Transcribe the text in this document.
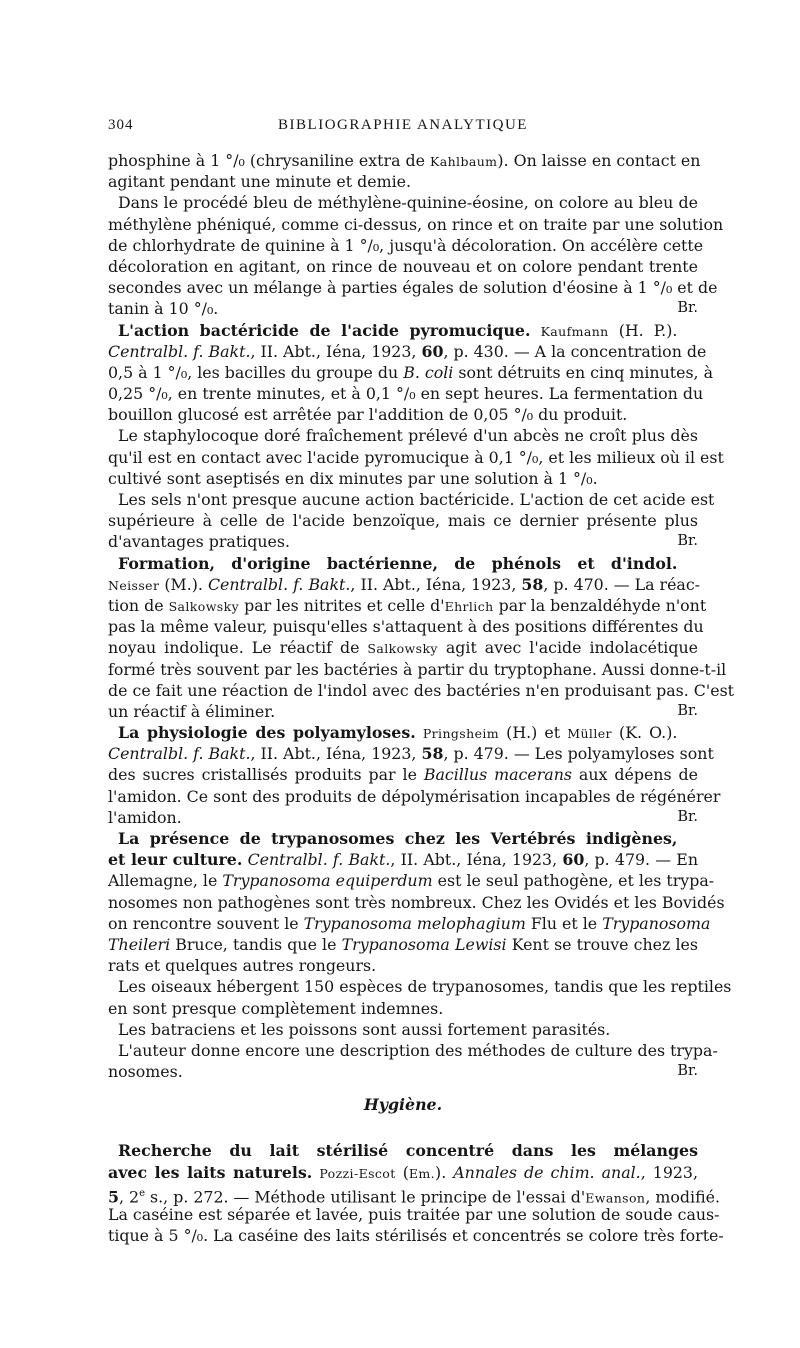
304	BIBLIOGRAPHIE ANALYTIQUE

phosphine à 1 °/₀ (chrysaniline extra de Kahlbaum). On laisse en contact en

agitant pendant une minute et demie.

Dans le procédé bleu de méthylène-quinine-éosine, on colore au bleu de

méthylène phéniqué, comme ci-dessus, on rince et on traite par une solution

de chlorhydrate de quinine à 1 °/₀, jusqu'à décoloration. On accélère cette

décoloration en agitant, on rince de nouveau et on colore pendant trente

secondes avec un mélange à parties égales de solution d'éosine à 1 °/₀ et de

tanin à 10 °/₀.	Br.

L'action bactéricide de l'acide pyromucique. Kaufmann (H. P.).

Centralbl. f. Bakt., II. Abt., Iéna, 1923, 60, p. 430. — A la concentration de

0,5 à 1 °/₀, les bacilles du groupe du B. coli sont détruits en cinq minutes, à

0,25 °/₀, en trente minutes, et à 0,1 °/₀ en sept heures. La fermentation du

bouillon glucosé est arrêtée par l'addition de 0,05 °/₀ du produit.

Le staphylocoque doré fraîchement prélevé d'un abcès ne croît plus dès

qu'il est en contact avec l'acide pyromucique à 0,1 °/₀, et les milieux où il est

cultivé sont aseptisés en dix minutes par une solution à 1 °/₀.

Les sels n'ont presque aucune action bactéricide. L'action de cet acide est

supérieure à celle de l'acide benzoïque, mais ce dernier présente plus

d'avantages pratiques.	Br.

Formation, d'origine bactérienne, de phénols et d'indol.

Neisser (M.). Centralbl. f. Bakt., II. Abt., Iéna, 1923, 58, p. 470. — La réac-

tion de Salkowsky par les nitrites et celle d'Ehrlich par la benzaldéhyde n'ont

pas la même valeur, puisqu'elles s'attaquent à des positions différentes du

noyau indolique. Le réactif de Salkowsky agit avec l'acide indolacétique

formé très souvent par les bactéries à partir du tryptophane. Aussi donne-t-il

de ce fait une réaction de l'indol avec des bactéries n'en produisant pas. C'est

un réactif à éliminer.	Br.

La physiologie des polyamyloses. Pringsheim (H.) et Müller (K. O.).

Centralbl. f. Bakt., II. Abt., Iéna, 1923, 58, p. 479. — Les polyamyloses sont

des sucres cristallisés produits par le Bacillus macerans aux dépens de

l'amidon. Ce sont des produits de dépolymérisation incapables de régénérer

l'amidon.	Br.

La présence de trypanosomes chez les Vertébrés indigènes,

et leur culture. Centralbl. f. Bakt., II. Abt., Iéna, 1923, 60, p. 479. — En

Allemagne, le Trypanosoma equiperdum est le seul pathogène, et les trypa-

nosomes non pathogènes sont très nombreux. Chez les Ovidés et les Bovidés

on rencontre souvent le Trypanosoma melophagium Flu et le Trypanosoma

Theileri Bruce, tandis que le Trypanosoma Lewisi Kent se trouve chez les

rats et quelques autres rongeurs.

Les oiseaux hébergent 150 espèces de trypanosomes, tandis que les reptiles

en sont presque complètement indemnes.

Les batraciens et les poissons sont aussi fortement parasités.

L'auteur donne encore une description des méthodes de culture des trypa-

nosomes.	Br.

Hygiène.

Recherche du lait stérilisé concentré dans les mélanges

avec les laits naturels. Pozzi-Escot (Em.). Annales de chim. anal., 1923,

5, 2e s., p. 272. — Méthode utilisant le principe de l'essai d'Ewanson, modifié.

La caséine est séparée et lavée, puis traitée par une solution de soude caus-

tique à 5 °/₀. La caséine des laits stérilisés et concentrés se colore très forte-
